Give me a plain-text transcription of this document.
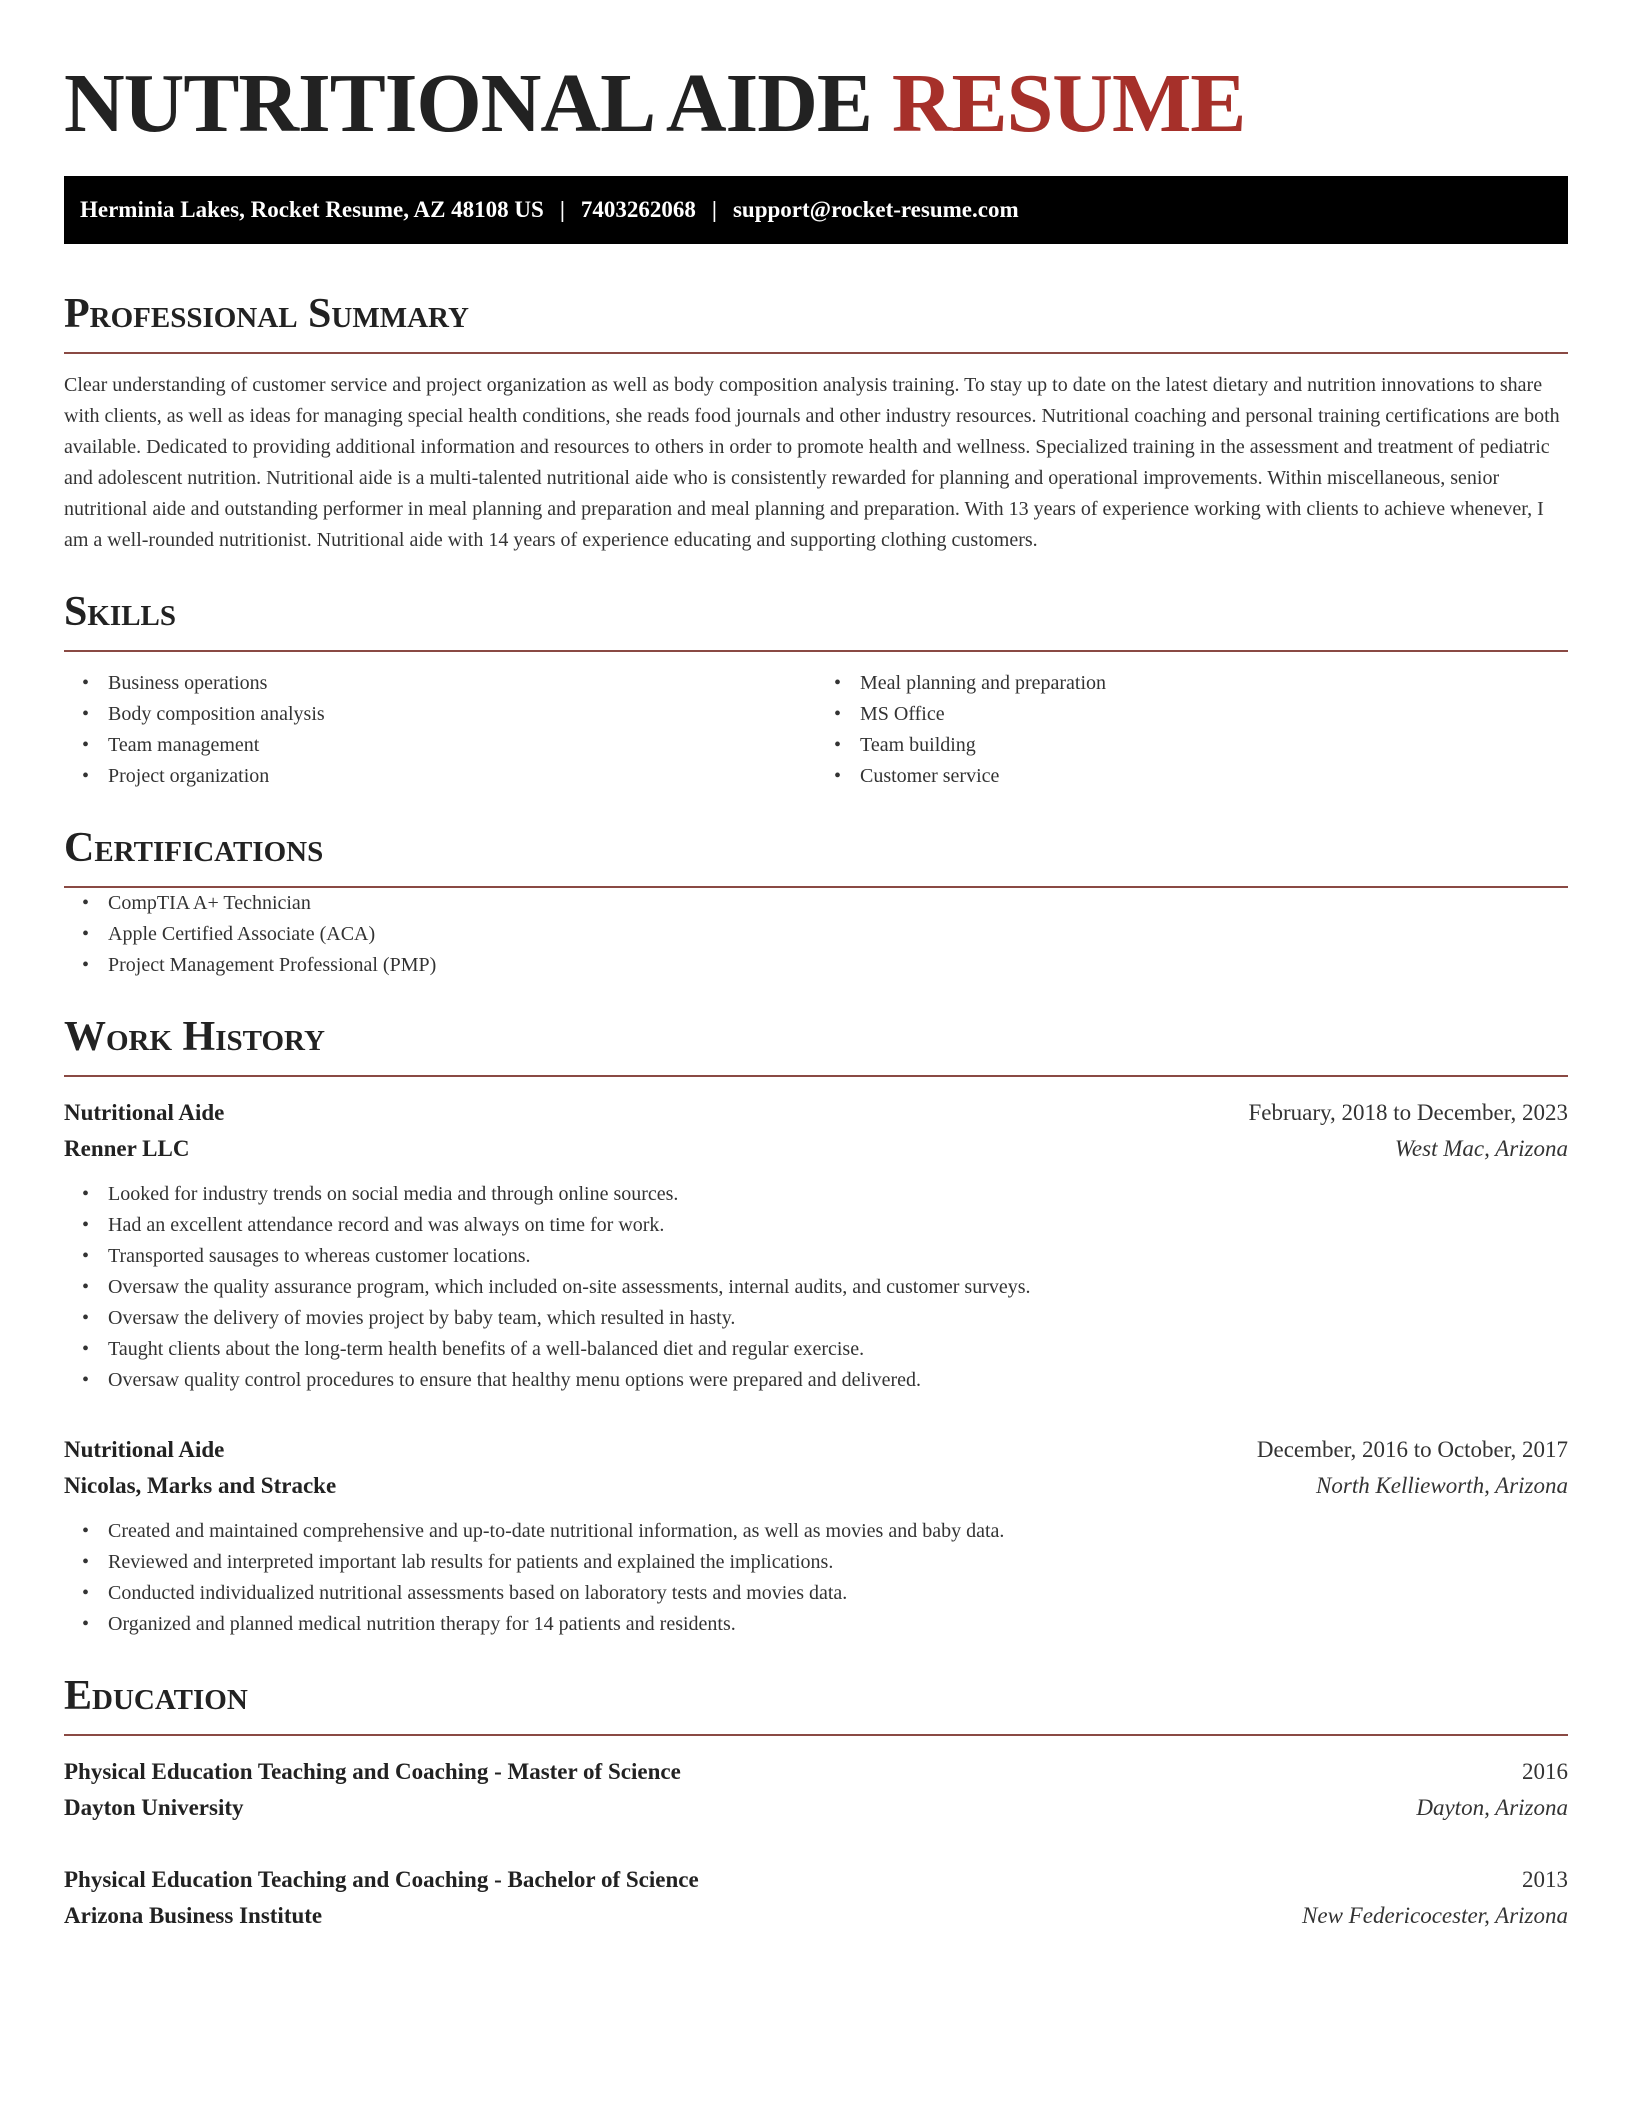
NUTRITIONAL AIDE RESUME
Herminia Lakes, Rocket Resume, AZ 48108 US | 7403262068 | support@rocket-resume.com
Professional Summary

Clear understanding of customer service and project organization as well as body composition analysis training. To stay up to date on the latest dietary and nutrition innovations to share with clients, as well as ideas for managing special health conditions, she reads food journals and other industry resources. Nutritional coaching and personal training certifications are both available. Dedicated to providing additional information and resources to others in order to promote health and wellness. Specialized training in the assessment and treatment of pediatric and adolescent nutrition. Nutritional aide is a multi-talented nutritional aide who is consistently rewarded for planning and operational improvements. Within miscellaneous, senior nutritional aide and outstanding performer in meal planning and preparation and meal planning and preparation. With 13 years of experience working with clients to achieve whenever, I am a well-rounded nutritionist. Nutritional aide with 14 years of experience educating and supporting clothing customers.

Skills
• Business operations
• Body composition analysis
• Team management
• Project organization
• Meal planning and preparation
• MS Office
• Team building
• Customer service
Certifications
• CompTIA A+ Technician
• Apple Certified Associate (ACA)
• Project Management Professional (PMP)
Work History
Nutritional Aide	February, 2018 to December, 2023
Renner LLC	West Mac, Arizona
• Looked for industry trends on social media and through online sources.
• Had an excellent attendance record and was always on time for work.
• Transported sausages to whereas customer locations.
• Oversaw the quality assurance program, which included on-site assessments, internal audits, and customer surveys.
• Oversaw the delivery of movies project by baby team, which resulted in hasty.
• Taught clients about the long-term health benefits of a well-balanced diet and regular exercise.
• Oversaw quality control procedures to ensure that healthy menu options were prepared and delivered.
Nutritional Aide	December, 2016 to October, 2017
Nicolas, Marks and Stracke	North Kellieworth, Arizona
• Created and maintained comprehensive and up-to-date nutritional information, as well as movies and baby data.
• Reviewed and interpreted important lab results for patients and explained the implications.
• Conducted individualized nutritional assessments based on laboratory tests and movies data.
• Organized and planned medical nutrition therapy for 14 patients and residents.
Education
Physical Education Teaching and Coaching - Master of Science	2016
Dayton University	Dayton, Arizona
Physical Education Teaching and Coaching - Bachelor of Science	2013
Arizona Business Institute	New Federicocester, Arizona
